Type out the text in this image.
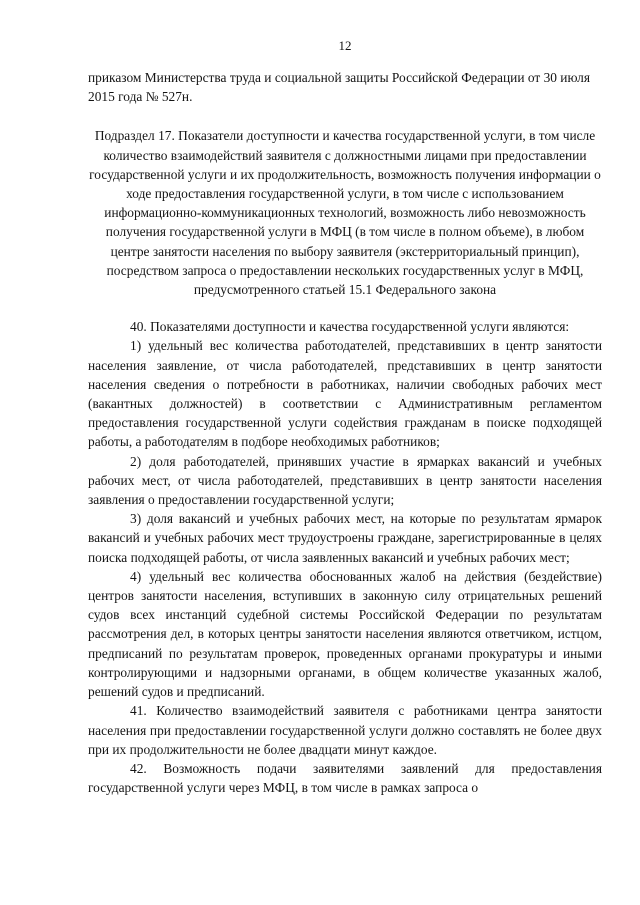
12

приказом Министерства труда и социальной защиты Российской Федерации от 30 июля 2015 года № 527н.

Подраздел 17. Показатели доступности и качества государственной услуги, в том числе количество взаимодействий заявителя с должностными лицами при предоставлении государственной услуги и их продолжительность, возможность получения информации о ходе предоставления государственной услуги, в том числе с использованием информационно-коммуникационных технологий, возможность либо невозможность получения государственной услуги в МФЦ (в том числе в полном объеме), в любом центре занятости населения по выбору заявителя (экстерриториальный принцип), посредством запроса о предоставлении нескольких государственных услуг в МФЦ, предусмотренного статьей 15.1 Федерального закона

40. Показателями доступности и качества государственной услуги являются:

1) удельный вес количества работодателей, представивших в центр занятости населения заявление, от числа работодателей, представивших в центр занятости населения сведения о потребности в работниках, наличии свободных рабочих мест (вакантных должностей) в соответствии с Административным регламентом предоставления государственной услуги содействия гражданам в поиске подходящей работы, а работодателям в подборе необходимых работников;

2) доля работодателей, принявших участие в ярмарках вакансий и учебных рабочих мест, от числа работодателей, представивших в центр занятости населения заявления о предоставлении государственной услуги;

3) доля вакансий и учебных рабочих мест, на которые по результатам ярмарок вакансий и учебных рабочих мест трудоустроены граждане, зарегистрированные в целях поиска подходящей работы, от числа заявленных вакансий и учебных рабочих мест;

4) удельный вес количества обоснованных жалоб на действия (бездействие) центров занятости населения, вступивших в законную силу отрицательных решений судов всех инстанций судебной системы Российской Федерации по результатам рассмотрения дел, в которых центры занятости населения являются ответчиком, истцом, предписаний по результатам проверок, проведенных органами прокуратуры и иными контролирующими и надзорными органами, в общем количестве указанных жалоб, решений судов и предписаний.

41. Количество взаимодействий заявителя с работниками центра занятости населения при предоставлении государственной услуги должно составлять не более двух при их продолжительности не более двадцати минут каждое.

42. Возможность подачи заявителями заявлений для предоставления государственной услуги через МФЦ, в том числе в рамках запроса о
